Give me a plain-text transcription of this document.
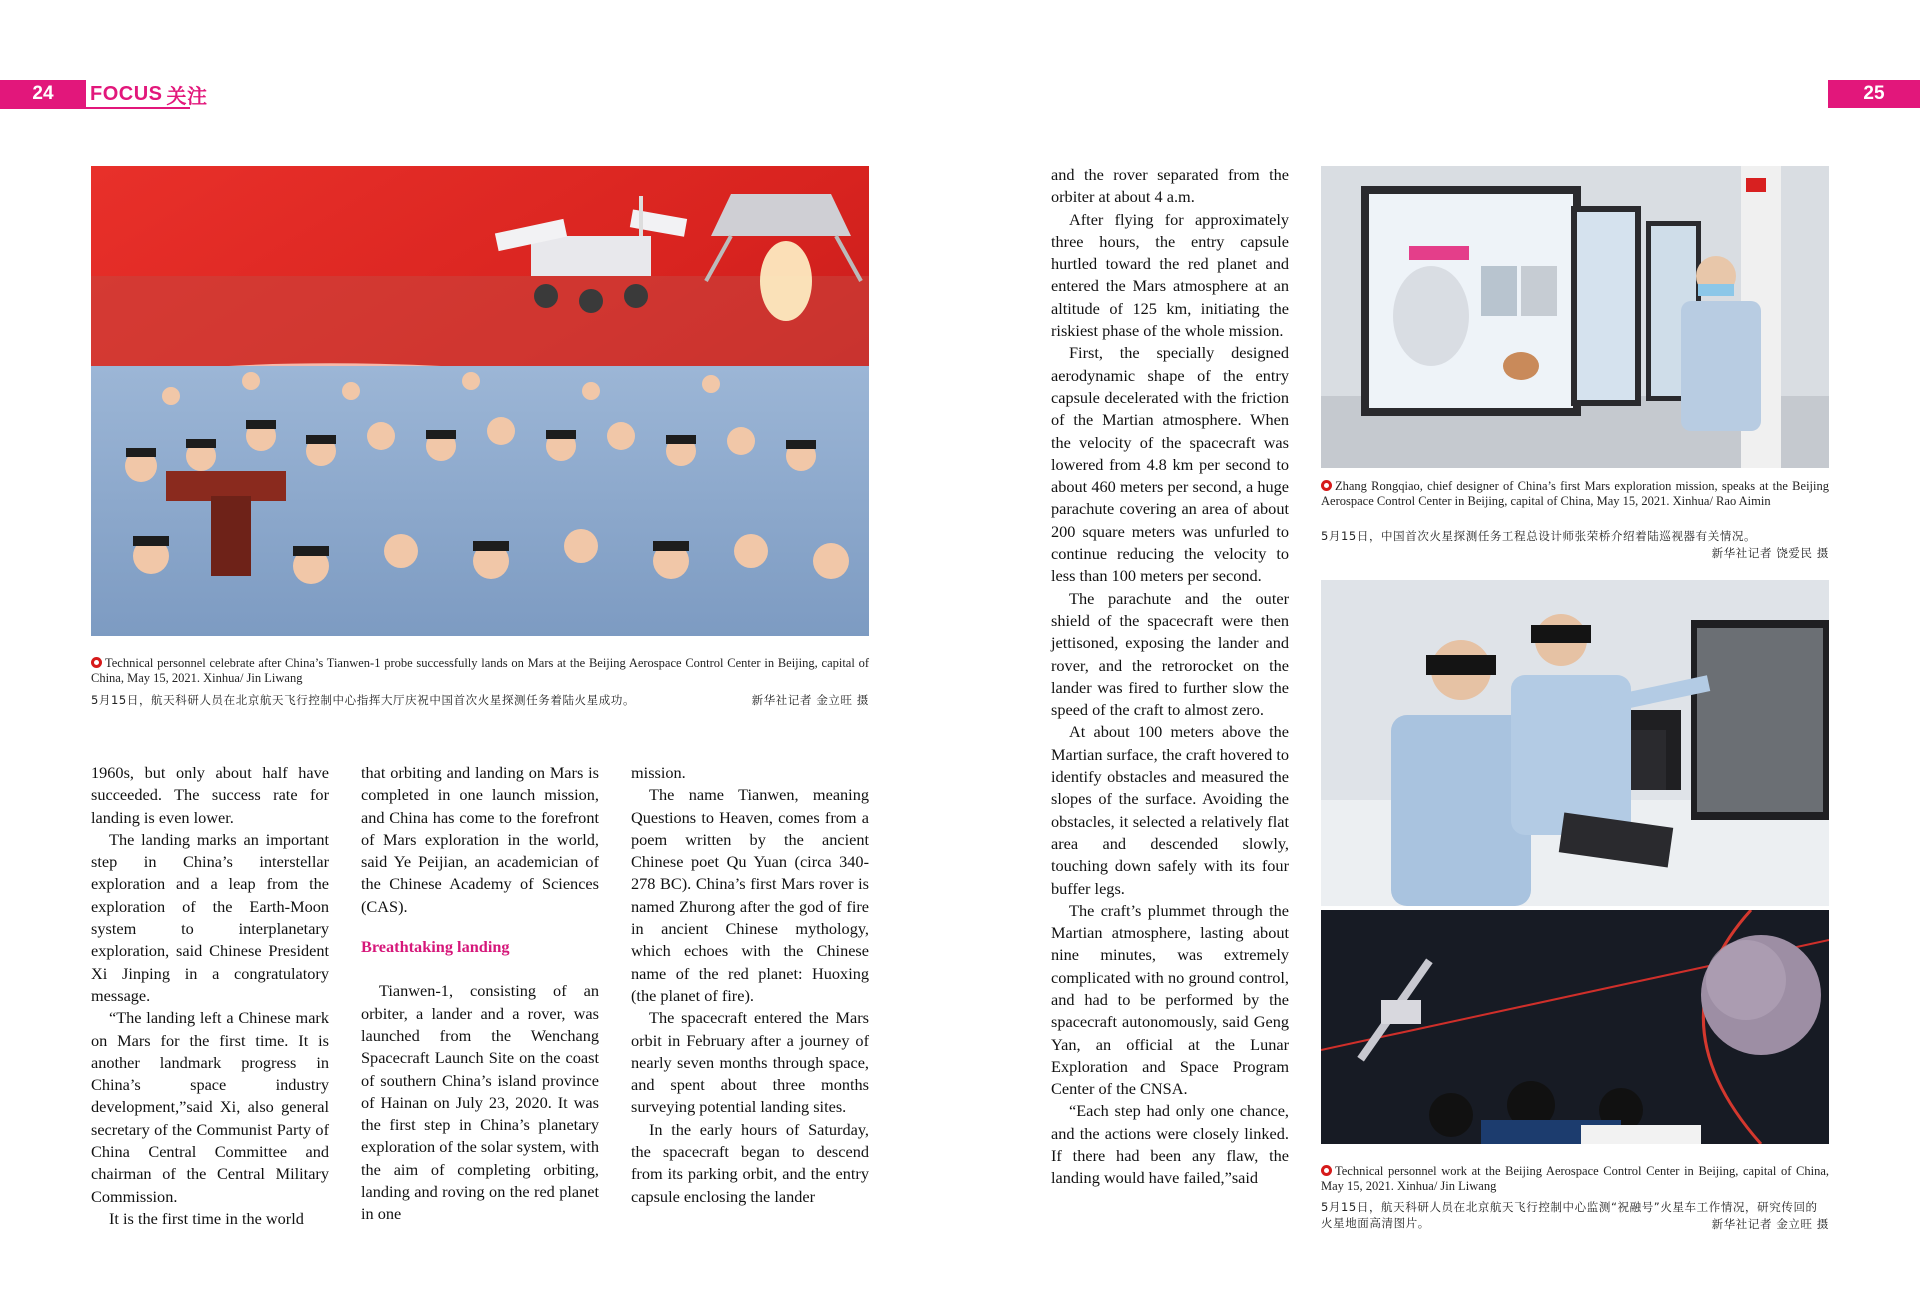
24 FOCUS 关注	25
Technical personnel celebrate after China’s Tianwen-1 probe successfully lands on Mars at the Beijing Aerospace Control Center in Beijing, capital of China, May 15, 2021. Xinhua/ Jin Liwang
5月15日，航天科研人员在北京航天飞行控制中心指挥大厅庆祝中国首次火星探测任务着陆火星成功。	新华社记者 金立旺 摄

1960s, but only about half have succeeded. The success rate for landing is even lower.

The landing marks an important step in China’s interstellar exploration and a leap from the exploration of the Earth-Moon system to interplanetary exploration, said Chinese President Xi Jinping in a congratulatory message.

“The landing left a Chinese mark on Mars for the first time. It is another landmark progress in China’s space industry development,”said Xi, also general secretary of the Communist Party of China Central Committee and chairman of the Central Military Commission.

It is the first time in the world

that orbiting and landing on Mars is completed in one launch mission, and China has come to the forefront of Mars exploration in the world, said Ye Peijian, an academician of the Chinese Academy of Sciences (CAS).

Breathtaking landing

Tianwen-1, consisting of an orbiter, a lander and a rover, was launched from the Wenchang Spacecraft Launch Site on the coast of southern China’s island province of Hainan on July 23, 2020. It was the first step in China’s planetary exploration of the solar system, with the aim of completing orbiting, landing and roving on the red planet in one

mission.

The name Tianwen, meaning Questions to Heaven, comes from a poem written by the ancient Chinese poet Qu Yuan (circa 340-278 BC). China’s first Mars rover is named Zhurong after the god of fire in ancient Chinese mythology, which echoes with the Chinese name of the red planet: Huoxing (the planet of fire).

The spacecraft entered the Mars orbit in February after a journey of nearly seven months through space, and spent about three months surveying potential landing sites.

In the early hours of Saturday, the spacecraft began to descend from its parking orbit, and the entry capsule enclosing the lander

and the rover separated from the orbiter at about 4 a.m.

After flying for approximately three hours, the entry capsule hurtled toward the red planet and entered the Mars atmosphere at an altitude of 125 km, initiating the riskiest phase of the whole mission.

First, the specially designed aerodynamic shape of the entry capsule decelerated with the friction of the Martian atmosphere. When the velocity of the spacecraft was lowered from 4.8 km per second to about 460 meters per second, a huge parachute covering an area of about 200 square meters was unfurled to continue reducing the velocity to less than 100 meters per second.

The parachute and the outer shield of the spacecraft were then jettisoned, exposing the lander and rover, and the retrorocket on the lander was fired to further slow the speed of the craft to almost zero.

At about 100 meters above the Martian surface, the craft hovered to identify obstacles and measured the slopes of the surface. Avoiding the obstacles, it selected a relatively flat area and descended slowly, touching down safely with its four buffer legs.

The craft’s plummet through the Martian atmosphere, lasting about nine minutes, was extremely complicated with no ground control, and had to be performed by the spacecraft autonomously, said Geng Yan, an official at the Lunar Exploration and Space Program Center of the CNSA.

“Each step had only one chance, and the actions were closely linked. If there had been any flaw, the landing would have failed,”said

Zhang Rongqiao, chief designer of China’s first Mars exploration mission, speaks at the Beijing Aerospace Control Center in Beijing, capital of China, May 15, 2021. Xinhua/ Rao Aimin
5月15日，中国首次火星探测任务工程总设计师张荣桥介绍着陆巡视器有关情况。
新华社记者 饶爱民 摄
Technical personnel work at the Beijing Aerospace Control Center in Beijing, capital of China, May 15, 2021. Xinhua/ Jin Liwang
5月15日，航天科研人员在北京航天飞行控制中心监测“祝融号”火星车工作情况，研究传回的火星地面高清图片。	新华社记者 金立旺 摄
